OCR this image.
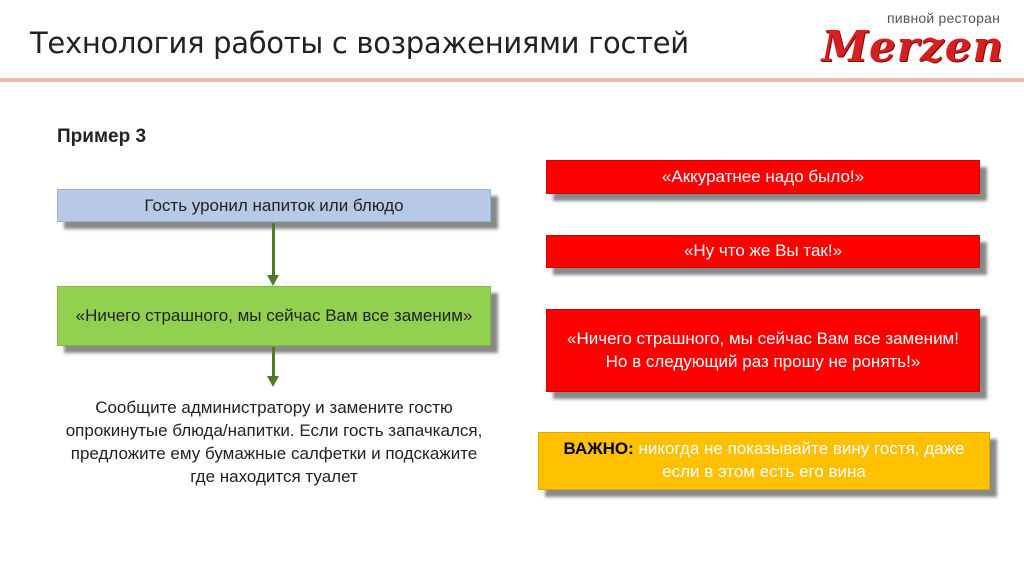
Технология работы с возражениями гостей
пивной ресторан
Merzen
Пример 3
Гость уронил напиток или блюдо
«Ничего страшного, мы сейчас Вам все заменим»
Сообщите администратору и замените гостю опрокинутые блюда/напитки. Если гость запачкался, предложите ему бумажные салфетки и подскажите где находится туалет
«Аккуратнее надо было!»
«Ну что же Вы так!»
«Ничего страшного, мы сейчас Вам все заменим! Но в следующий раз прошу не ронять!»
ВАЖНО: никогда не показывайте вину гостя, даже если в этом есть его вина
